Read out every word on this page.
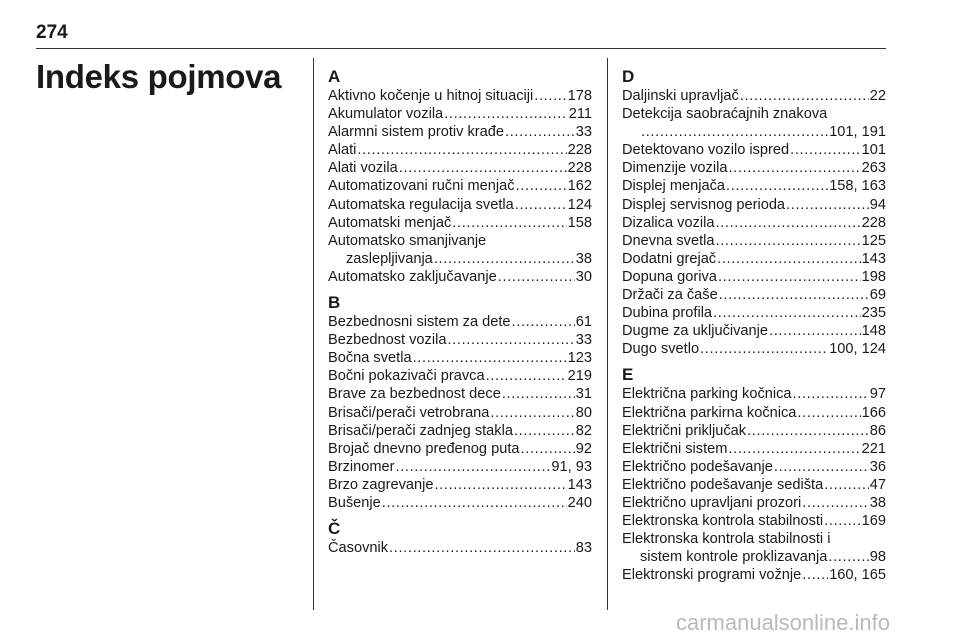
274
Indeks pojmova	A
Aktivno kočenje u hitnoj situaciji . . . 178
Akumulator vozila . . .	211
Alarmni sistem protiv krađe . . .	33
Alati . . .	228
Alati vozila . . .	228
Automatizovani ručni menjač . . .	162
Automatska regulacija svetla . . .	124
Automatski menjač . . .	158
Automatsko smanjivanje
zaslepljivanja . . .	38
Automatsko zaključavanje . . .	30
B
Bezbednosni sistem za dete . . .	61
Bezbednost vozila . . .	33
Bočna svetla . . .	123
Bočni pokazivači pravca . . .	219
Brave za bezbednost dece . . .	31
Brisači/perači vetrobrana . . .	80
Brisači/perači zadnjeg stakla . . .	82
Brojač dnevno pređenog puta . . .	92
Brzinomer . . .	91, 93
Brzo zagrevanje . . .	143
Bušenje . . .	240
Č
Časovnik . . .	83
D
Daljinski upravljač . . .	22
Detekcija saobraćajnih znakova
. . .
101, 191
Detektovano vozilo ispred . . .	101
Dimenzije vozila . . .	263
Displej menjača . . .	158, 163
Displej servisnog perioda . . .	94
Dizalica vozila . . .	228
Dnevna svetla . . .	125
Dodatni grejač . . .	143
Dopuna goriva . . .	198
Držači za čaše . . .	69
Dubina profila . . .	235
Dugme za uključivanje . . .	148
Dugo svetlo . . .	100, 124
E
Električna parking kočnica . . .	97
Električna parkirna kočnica . . .	166
Električni priključak . . .	86
Električni sistem . . .	221
Električno podešavanje . . .	36
Električno podešavanje sedišta . . .	47
Električno upravljani prozori . . .	38
Elektronska kontrola stabilnosti . . .	169
Elektronska kontrola stabilnosti i
sistem kontrole proklizavanja . . .	98
Elektronski programi vožnje . . . 160, 165
carmanualsonline.info
